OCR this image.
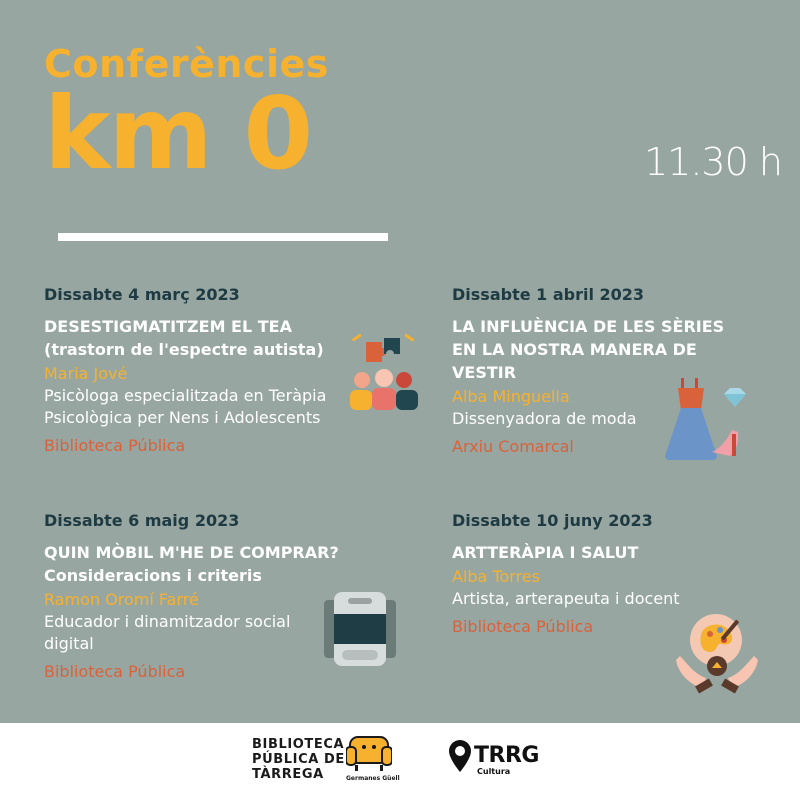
Conferències
km 0	11.30 h
Dissabte 4 març 2023
DESESTIGMATITZEM EL TEA
(trastorn de l'espectre autista)
Maria Jové
Psicòloga especialitzada en Teràpia
Psicològica per Nens i Adolescents
Biblioteca Pública
Dissabte 1 abril 2023
LA INFLUÈNCIA DE LES SÈRIES
EN LA NOSTRA MANERA DE
VESTIR
Alba Minguella
Dissenyadora de moda
Arxiu Comarcal
Dissabte 6 maig 2023
QUIN MÒBIL M'HE DE COMPRAR?
Consideracions i criteris
Ramon Oromí Farré
Educador i dinamitzador social
digital
Biblioteca Pública
Dissabte 10 juny 2023
ARTTERÀPIA I SALUT
Alba Torres
Artista, arterapeuta i docent
Biblioteca Pública
BIBLIOTECA
PÚBLICA DE
TÀRREGA	Germanes Güell
TRRG
Cultura
